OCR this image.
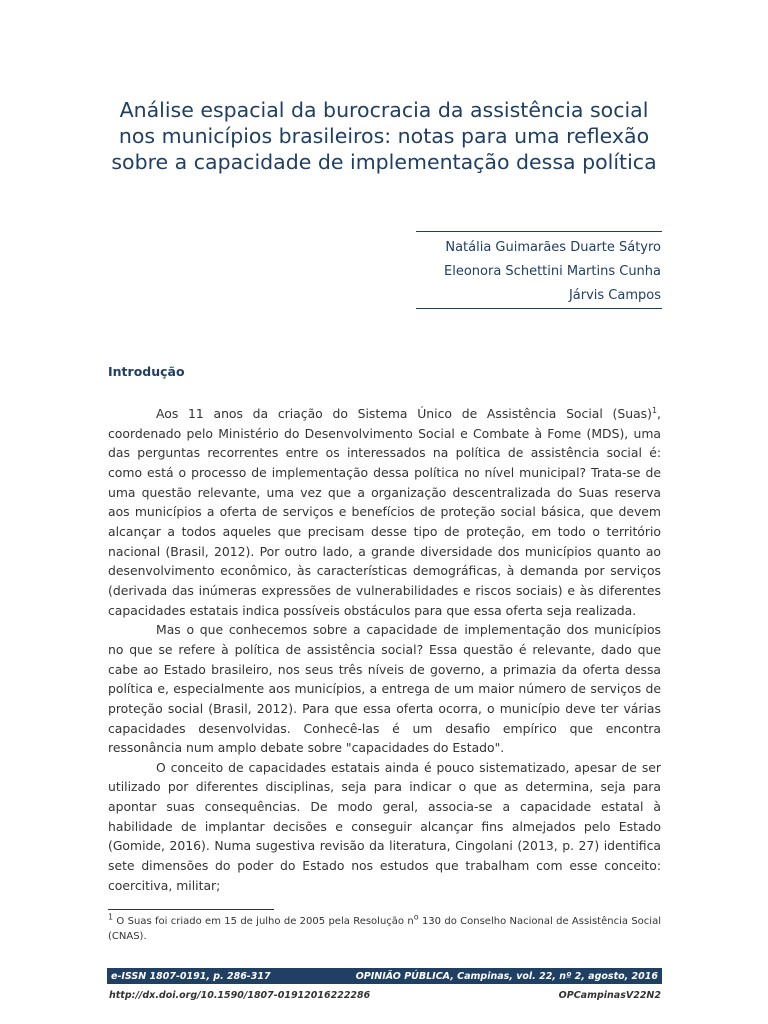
Análise espacial da burocracia da assistência social
nos municípios brasileiros: notas para uma reflexão
sobre a capacidade de implementação dessa política
Natália Guimarães Duarte Sátyro
Eleonora Schettini Martins Cunha
Járvis Campos
Introdução

Aos 11 anos da criação do Sistema Único de Assistência Social (Suas)$^1$, coordenado pelo Ministério do Desenvolvimento Social e Combate à Fome (MDS), uma das perguntas recorrentes entre os interessados na política de assistência social é: como está o processo de implementação dessa política no nível municipal? Trata-se de uma questão relevante, uma vez que a organização descentralizada do Suas reserva aos municípios a oferta de serviços e benefícios de proteção social básica, que devem alcançar a todos aqueles que precisam desse tipo de proteção, em todo o território nacional (Brasil, 2012). Por outro lado, a grande diversidade dos municípios quanto ao desenvolvimento econômico, às características demográficas, à demanda por serviços (derivada das inúmeras expressões de vulnerabilidades e riscos sociais) e às diferentes capacidades estatais indica possíveis obstáculos para que essa oferta seja realizada.

Mas o que conhecemos sobre a capacidade de implementação dos municípios no que se refere à política de assistência social? Essa questão é relevante, dado que cabe ao Estado brasileiro, nos seus três níveis de governo, a primazia da oferta dessa política e, especialmente aos municípios, a entrega de um maior número de serviços de proteção social (Brasil, 2012). Para que essa oferta ocorra, o município deve ter várias capacidades desenvolvidas. Conhecê-las é um desafio empírico que encontra ressonância num amplo debate sobre "capacidades do Estado".

O conceito de capacidades estatais ainda é pouco sistematizado, apesar de ser utilizado por diferentes disciplinas, seja para indicar o que as determina, seja para apontar suas consequências. De modo geral, associa-se a capacidade estatal à habilidade de implantar decisões e conseguir alcançar fins almejados pelo Estado (Gomide, 2016). Numa sugestiva revisão da literatura, Cingolani (2013, p. 27) identifica sete dimensões do poder do Estado nos estudos que trabalham com esse conceito: coercitiva, militar;

$^1$ O Suas foi criado em 15 de julho de 2005 pela Resolução $n^o$ 130 do Conselho Nacional de Assistência Social (CNAS).
e-ISSN 1807-0191, p. 286-317	OPINIÃO PÚBLICA, Campinas, vol. 22, nº 2, agosto, 2016
http://dx.doi.org/10.1590/1807-01912016222286	OPCampinasV22N2
